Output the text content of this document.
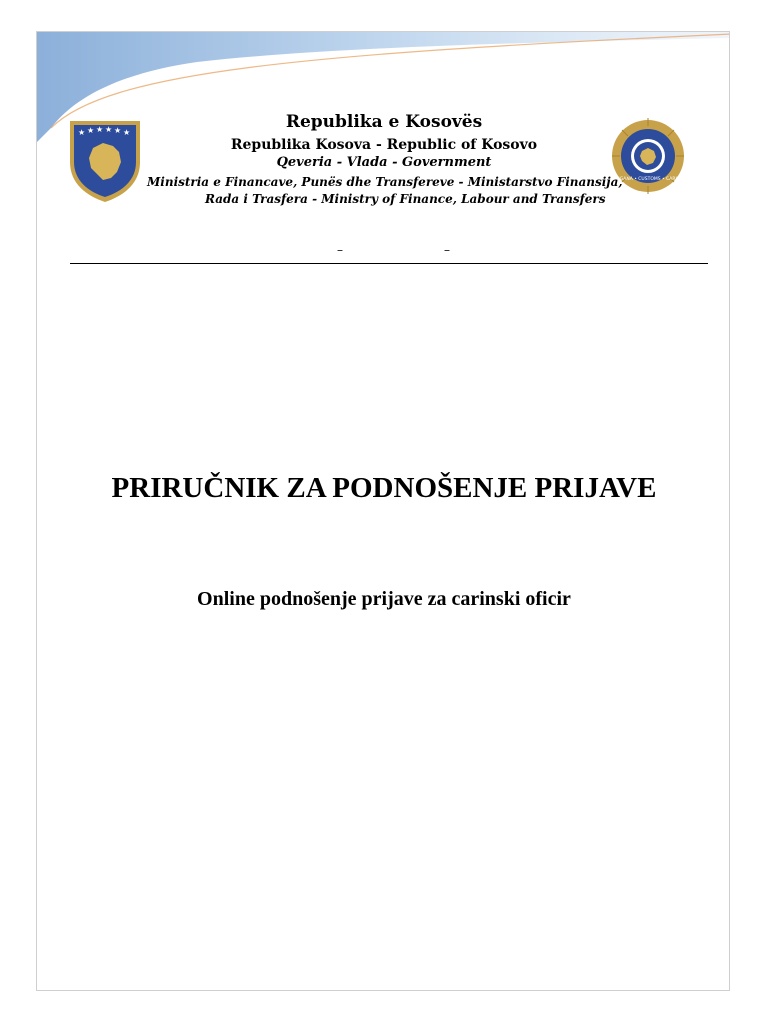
★ ★ ★ ★ ★ ★
DOGANA • CUSTOMS • CARINA
Republika e Kosovës
Republika Kosova - Republic of Kosovo
Qeveria - Vlada - Government
Ministria e Financave, Punës dhe Transfereve - Ministarstvo Finansija,
Rada i Trasfera - Ministry of Finance, Labour and Transfers
–	–
PRIRUČNIK ZA PODNOŠENJE PRIJAVE
Online podnošenje prijave za carinski oficir
